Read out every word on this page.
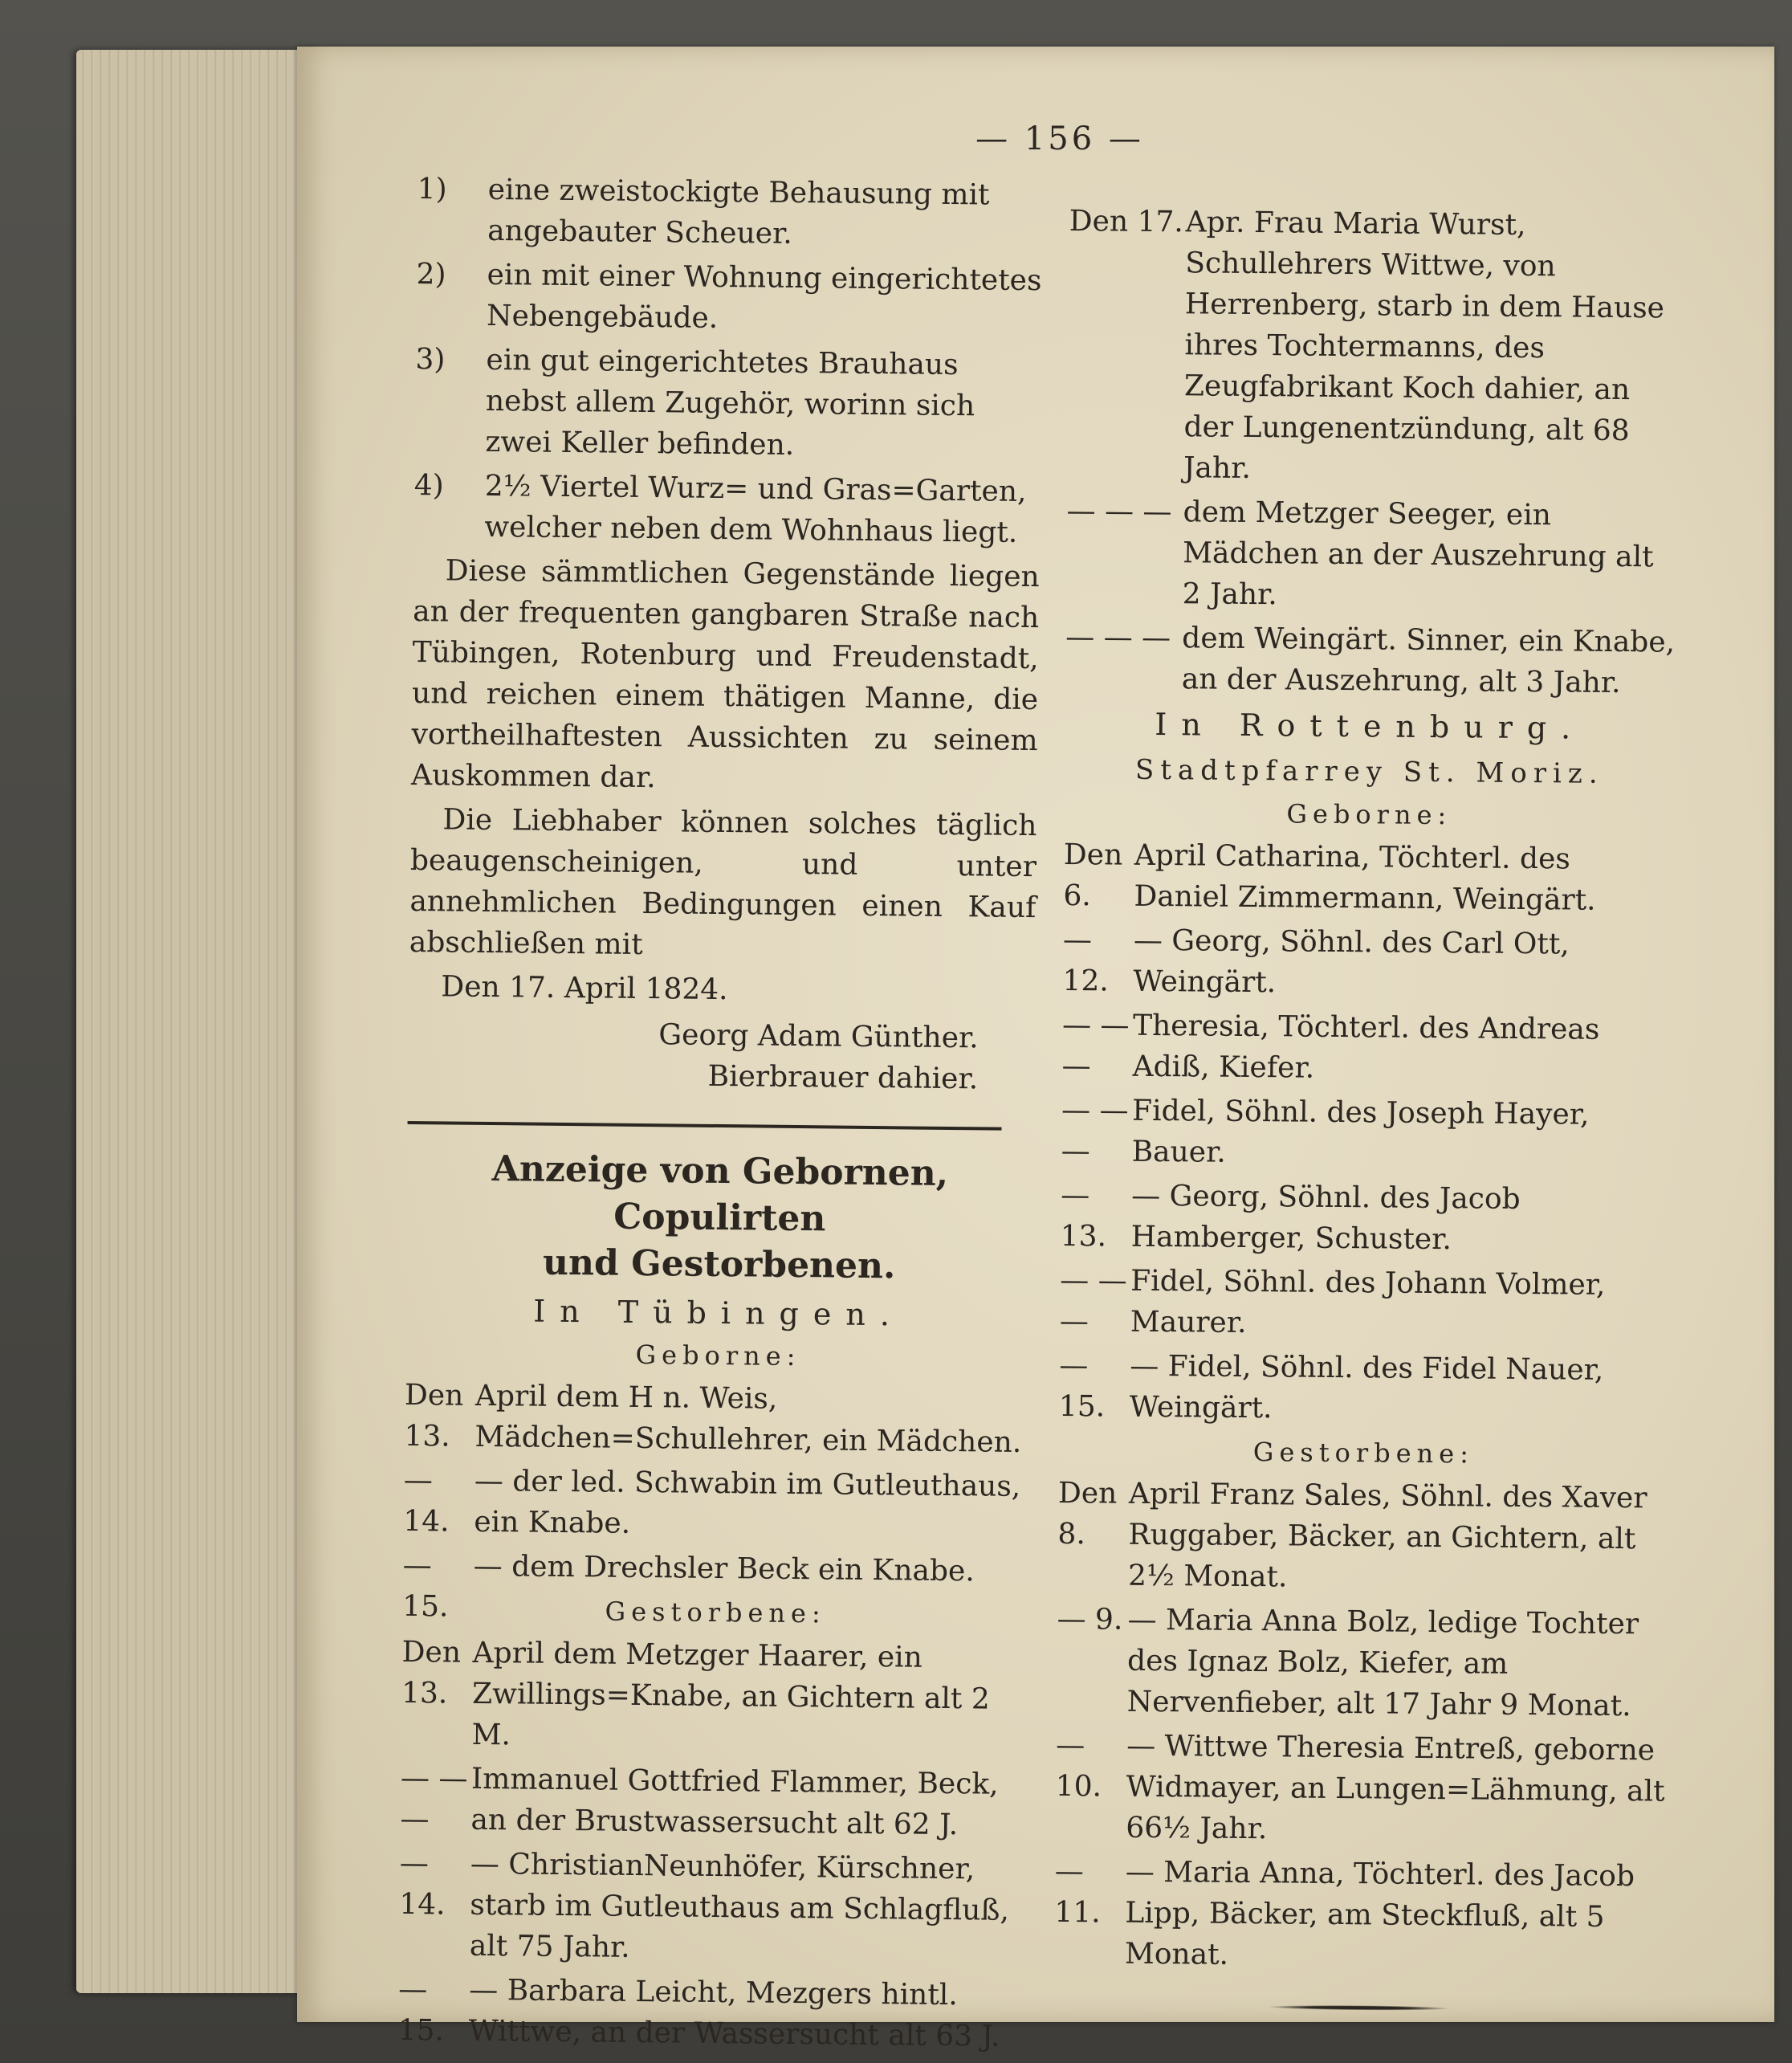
— 156 —
1) eine zweistockigte Behausung mit angebauter Scheuer.
2) ein mit einer Wohnung eingerichtetes Nebengebäude.
3) ein gut eingerichtetes Brauhaus nebst allem Zugehör, worinn sich zwei Keller befinden.
4) 2½ Viertel Wurz= und Gras=Garten, welcher neben dem Wohnhaus liegt.

Diese sämmtlichen Gegenstände liegen an der frequenten gangbaren Straße nach Tübingen, Rotenburg und Freudenstadt, und reichen einem thätigen Manne, die vortheilhaftesten Aussichten zu seinem Auskommen dar.

Die Liebhaber können solches täglich beaugenscheinigen, und unter annehmlichen Bedingungen einen Kauf abschließen mit

Den 17. April 1824.

Georg Adam Günther.

Bierbrauer dahier.

Anzeige von Gebornen, Copulirten

und Gestorbenen.

In Tübingen.

Geborne:

Den 13.
April dem H n. Weis, Mädchen=Schullehrer, ein Mädchen.
— 14.
— der led. Schwabin im Gutleuthaus, ein Knabe.
— 15.
— dem Drechsler Beck ein Knabe.

Gestorbene:

Den 13.
April dem Metzger Haarer, ein Zwillings=Knabe, an Gichtern alt 2 M.
— — —
Immanuel Gottfried Flammer, Beck, an der Brustwassersucht alt 62 J.
— 14.
— ChristianNeunhöfer, Kürschner, starb im Gutleuthaus am Schlagfluß, alt 75 Jahr.
— 15.
— Barbara Leicht, Mezgers hintl. Wittwe, an der Wassersucht alt 63 J.
Den 17. Apr. Frau Maria Wurst, Schullehrers Wittwe, von Herrenberg, starb in dem Hause ihres Tochtermanns, des Zeugfabrikant Koch dahier, an der Lungenentzündung, alt 68 Jahr.
— — — dem Metzger Seeger, ein Mädchen an der Auszehrung alt 2 Jahr.
— — — dem Weingärt. Sinner, ein Knabe, an der Auszehrung, alt 3 Jahr.

In Rottenburg.

Stadtpfarrey St. Moriz.

Geborne:

Den 6.
April Catharina, Töchterl. des Daniel Zimmermann, Weingärt.
— 12.
— Georg, Söhnl. des Carl Ott, Weingärt.
— — —
Theresia, Töchterl. des Andreas Adiß, Kiefer.
— — —
Fidel, Söhnl. des Joseph Hayer, Bauer.
— 13.
— Georg, Söhnl. des Jacob Hamberger, Schuster.
— — —
Fidel, Söhnl. des Johann Volmer, Maurer.
— 15.
— Fidel, Söhnl. des Fidel Nauer, Weingärt.

Gestorbene:

Den 8.
April Franz Sales, Söhnl. des Xaver Ruggaber, Bäcker, an Gichtern, alt 2½ Monat.
— 9. — Maria Anna Bolz, ledige Tochter des Ignaz Bolz, Kiefer, am Nervenfieber, alt 17 Jahr 9 Monat.
— 10.
— Wittwe Theresia Entreß, geborne Widmayer, an Lungen=Lähmung, alt 66½ Jahr.
— 11.
— Maria Anna, Töchterl. des Jacob Lipp, Bäcker, am Steckfluß, alt 5 Monat.
